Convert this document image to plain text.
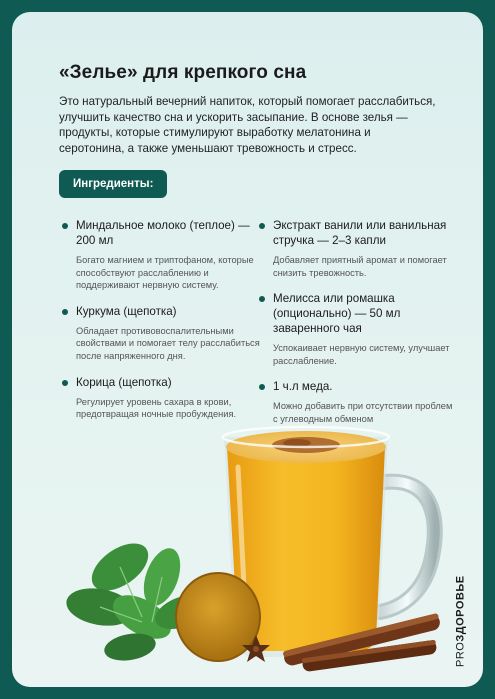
«Зелье» для крепкого сна
Это натуральный вечерний напиток, который помогает расслабиться, улучшить качество сна и ускорить засыпание. В основе зелья — продукты, которые стимулируют выработку мелатонина и серотонина, а также уменьшают тревожность и стресс.
Ингредиенты:
Миндальное молоко (теплое) — 200 мл
Богато магнием и триптофаном, которые способствуют расслаблению и поддерживают нервную систему.
Куркума (щепотка)
Обладает противовоспалительными свойствами и помогает телу расслабиться после напряженного дня.
Корица (щепотка)
Регулирует уровень сахара в крови, предотвращая ночные пробуждения.
Экстракт ванили или ванильная стручка — 2–3 капли
Добавляет приятный аромат и помогает снизить тревожность.
Мелисса или ромашка (опционально) — 50 мл заваренного чая
Успокаивает нервную систему, улучшает расслабление.
1 ч.л меда.
Можно добавить при отсутствии проблем с углеводным обменом
PROЗДОРОВЬЕ
